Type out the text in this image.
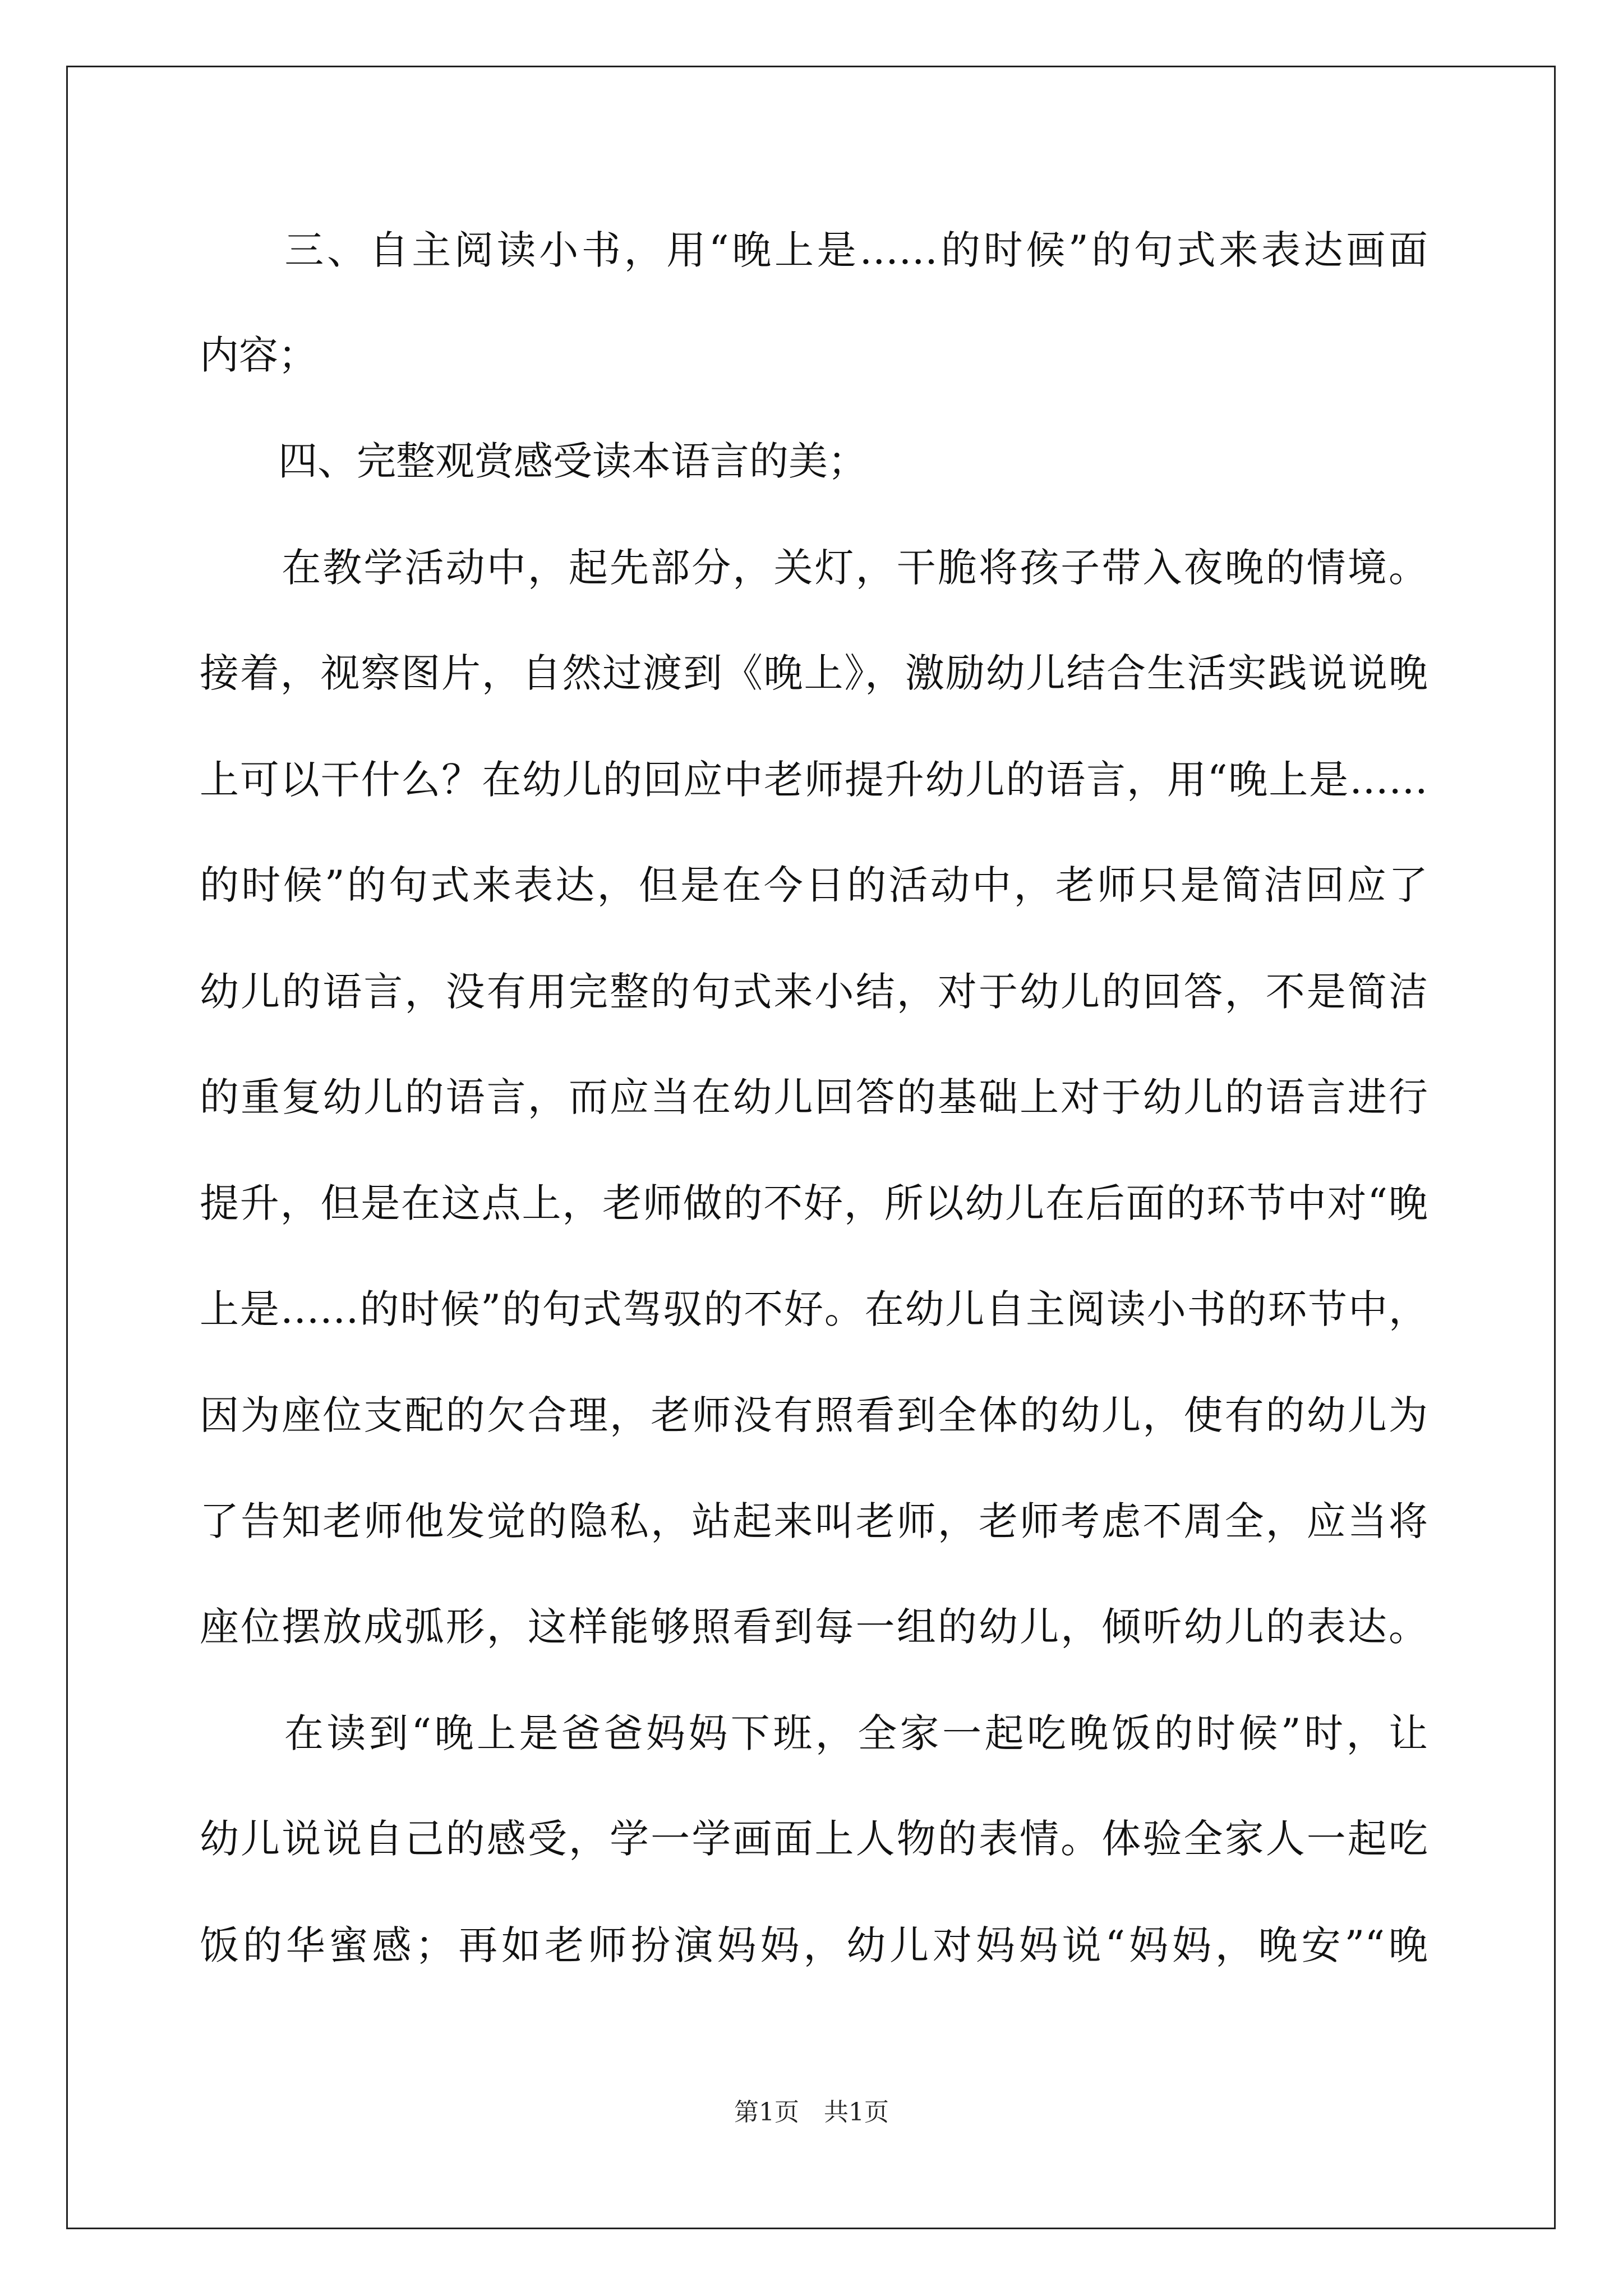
　　三、自主阅读小书，用“晚上是……的时候”的句式来表达画面
内容；
　　四、完整观赏感受读本语言的美；
　　在教学活动中，起先部分，关灯，干脆将孩子带入夜晚的情境。
接着，视察图片，自然过渡到《晚上》，激励幼儿结合生活实践说说晚
上可以干什么？在幼儿的回应中老师提升幼儿的语言，用“晚上是……
的时候”的句式来表达，但是在今日的活动中，老师只是简洁回应了
幼儿的语言，没有用完整的句式来小结，对于幼儿的回答，不是简洁
的重复幼儿的语言，而应当在幼儿回答的基础上对于幼儿的语言进行
提升，但是在这点上，老师做的不好，所以幼儿在后面的环节中对“晚
上是……的时候”的句式驾驭的不好。在幼儿自主阅读小书的环节中，
因为座位支配的欠合理，老师没有照看到全体的幼儿，使有的幼儿为
了告知老师他发觉的隐私，站起来叫老师，老师考虑不周全，应当将
座位摆放成弧形，这样能够照看到每一组的幼儿，倾听幼儿的表达。
　　在读到“晚上是爸爸妈妈下班，全家一起吃晚饭的时候”时，让
幼儿说说自己的感受，学一学画面上人物的表情。体验全家人一起吃
饭的华蜜感；再如老师扮演妈妈，幼儿对妈妈说“妈妈，晚安”“晚
第1页　共1页
